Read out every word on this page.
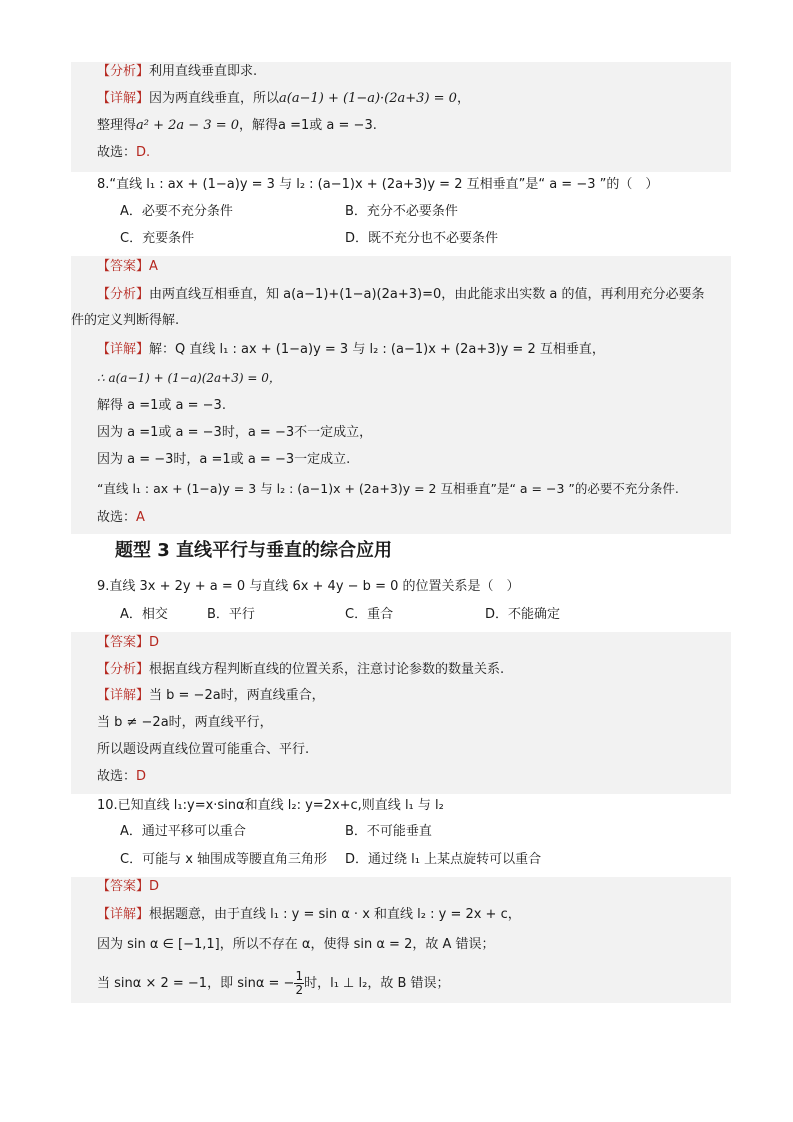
【分析】利用直线垂直即求.
【详解】因为两直线垂直，所以a(a−1) + (1−a)·(2a+3) = 0，
整理得a² + 2a − 3 = 0，解得a =1或 a = −3.
故选：D.
8.“直线 l₁ : ax + (1−a)y = 3 与 l₂ : (a−1)x + (2a+3)y = 2 互相垂直”是“ a = −3 ”的（　）
A．必要不充分条件	B．充分不必要条件
C．充要条件	D．既不充分也不必要条件
【答案】A
【分析】由两直线互相垂直，知 a(a−1)+(1−a)(2a+3)=0，由此能求出实数 a 的值，再利用充分必要条
件的定义判断得解.
【详解】解：Q 直线 l₁ : ax + (1−a)y = 3 与 l₂ : (a−1)x + (2a+3)y = 2 互相垂直，
∴ a(a−1) + (1−a)(2a+3) = 0，
解得 a =1或 a = −3.
因为 a =1或 a = −3时，a = −3不一定成立，
因为 a = −3时，a =1或 a = −3一定成立.
“直线 l₁ : ax + (1−a)y = 3 与 l₂ : (a−1)x + (2a+3)y = 2 互相垂直”是“ a = −3 ”的必要不充分条件.
故选：A
题型 3 直线平行与垂直的综合应用
9.直线 3x + 2y + a = 0 与直线 6x + 4y − b = 0 的位置关系是（　）
A．相交	B．平行	C．重合	D．不能确定
【答案】D
【分析】根据直线方程判断直线的位置关系，注意讨论参数的数量关系.
【详解】当 b = −2a时，两直线重合，
当 b ≠ −2a时，两直线平行，
所以题设两直线位置可能重合、平行.
故选：D
10.已知直线 l₁:y=x·sinα和直线 l₂: y=2x+c,则直线 l₁ 与 l₂
A．通过平移可以重合	B．不可能垂直
C．可能与 x 轴围成等腰直角三角形 D．通过绕 l₁ 上某点旋转可以重合
【答案】D
【详解】根据题意，由于直线 l₁ : y = sin α · x 和直线 l₂ : y = 2x + c，
因为 sin α ∈ [−1,1]，所以不存在 α，使得 sin α = 2，故 A 错误；
当 sinα × 2 = −1，即 sinα = − $\frac{1}{2}$ 时，l₁ ⊥ l₂，故 B 错误；
